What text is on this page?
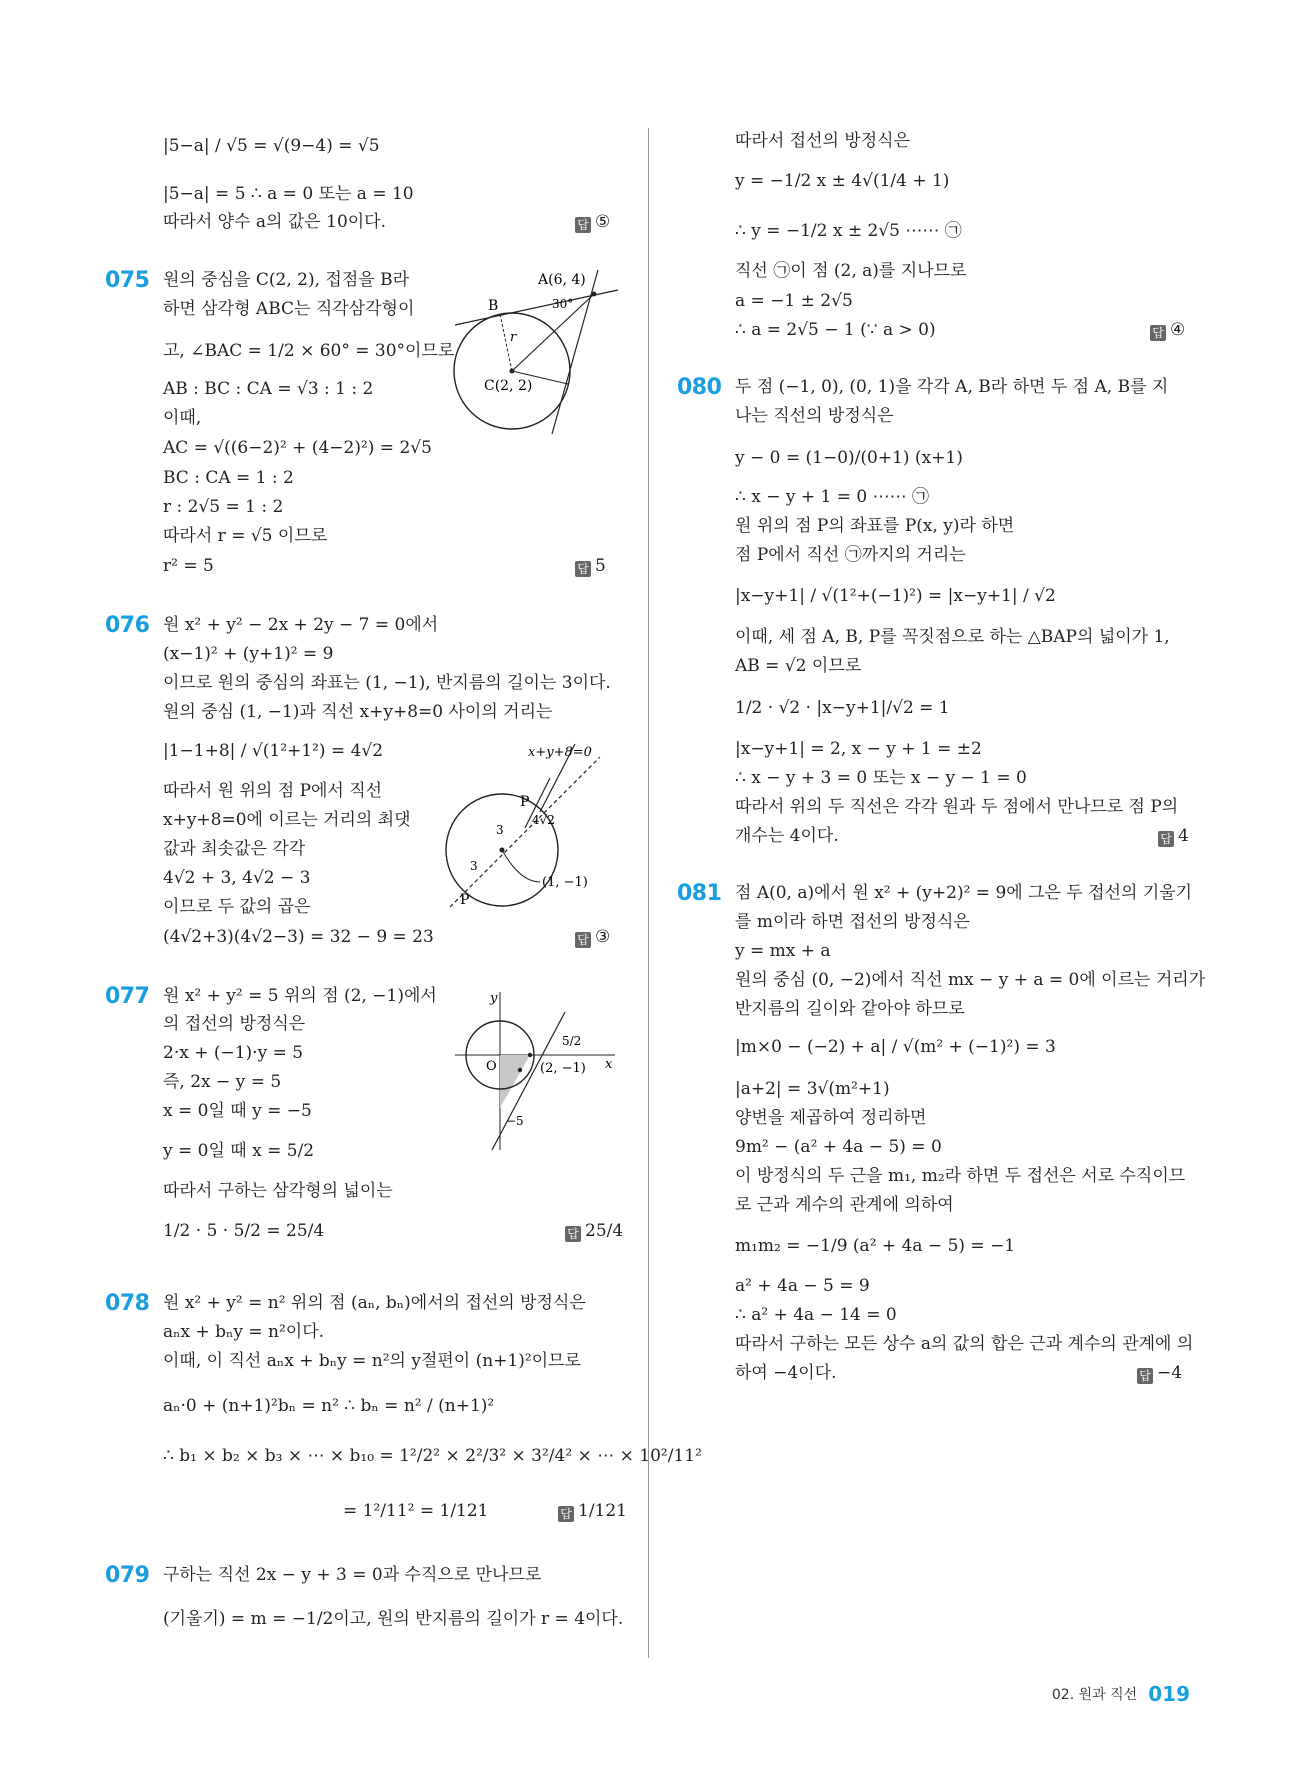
|5−a| / √5 = √(9−4) = √5
|5−a| = 5 ∴ a = 0 또는 a = 10
따라서 양수 a의 값은 10이다.	답 ⑤
075 원의 중심을 C(2, 2), 접점을 B라
하면 삼각형 ABC는 직각삼각형이
고, ∠BAC = 1/2 × 60° = 30°이므로
AB : BC : CA = √3 : 1 : 2
이때,
AC = √((6−2)² + (4−2)²) = 2√5
BC : CA = 1 : 2
r : 2√5 = 1 : 2
따라서 r = √5 이므로
r² = 5	답 5
A(6, 4)
B
r
30°
C(2, 2)
076 원 x² + y² − 2x + 2y − 7 = 0에서
(x−1)² + (y+1)² = 9
이므로 원의 중심의 좌표는 (1, −1), 반지름의 길이는 3이다.
원의 중심 (1, −1)과 직선 x+y+8=0 사이의 거리는
|1−1+8| / √(1²+1²) = 4√2
따라서 원 위의 점 P에서 직선
x+y+8=0에 이르는 거리의 최댓
값과 최솟값은 각각
4√2 + 3, 4√2 − 3
이므로 두 값의 곱은
(4√2+3)(4√2−3) = 32 − 9 = 23	답 ③
x+y+8=0
P
4√2
3
3
P
(1, −1)
077 원 x² + y² = 5 위의 점 (2, −1)에서
의 접선의 방정식은
2·x + (−1)·y = 5
즉, 2x − y = 5
x = 0일 때 y = −5
y = 0일 때 x = 5/2
따라서 구하는 삼각형의 넓이는
1/2 · 5 · 5/2 = 25/4	답 25/4
y
x
O
5/2
(2, −1)
−5
078 원 x² + y² = n² 위의 점 (aₙ, bₙ)에서의 접선의 방정식은
aₙx + bₙy = n²이다.
이때, 이 직선 aₙx + bₙy = n²의 y절편이 (n+1)²이므로
aₙ·0 + (n+1)²bₙ = n² ∴ bₙ = n² / (n+1)²
∴ b₁ × b₂ × b₃ × ⋯ × b₁₀ = 1²/2² × 2²/3² × 3²/4² × ⋯ × 10²/11²
= 1²/11² = 1/121	답 1/121
079 구하는 직선 2x − y + 3 = 0과 수직으로 만나므로
(기울기) = m = −1/2이고, 원의 반지름의 길이가 r = 4이다.
따라서 접선의 방정식은
y = −1/2 x ± 4√(1/4 + 1)
∴ y = −1/2 x ± 2√5 ⋯⋯ ㉠
직선 ㉠이 점 (2, a)를 지나므로
a = −1 ± 2√5
∴ a = 2√5 − 1 (∵ a > 0)	답 ④
080 두 점 (−1, 0), (0, 1)을 각각 A, B라 하면 두 점 A, B를 지
나는 직선의 방정식은
y − 0 = (1−0)/(0+1) (x+1)
∴ x − y + 1 = 0 ⋯⋯ ㉠
원 위의 점 P의 좌표를 P(x, y)라 하면
점 P에서 직선 ㉠까지의 거리는
|x−y+1| / √(1²+(−1)²) = |x−y+1| / √2
이때, 세 점 A, B, P를 꼭짓점으로 하는 △BAP의 넓이가 1,
AB = √2 이므로
1/2 · √2 · |x−y+1|/√2 = 1
|x−y+1| = 2, x − y + 1 = ±2
∴ x − y + 3 = 0 또는 x − y − 1 = 0
따라서 위의 두 직선은 각각 원과 두 점에서 만나므로 점 P의
개수는 4이다.	답 4
081 점 A(0, a)에서 원 x² + (y+2)² = 9에 그은 두 접선의 기울기
를 m이라 하면 접선의 방정식은
y = mx + a
원의 중심 (0, −2)에서 직선 mx − y + a = 0에 이르는 거리가
반지름의 길이와 같아야 하므로
|m×0 − (−2) + a| / √(m² + (−1)²) = 3
|a+2| = 3√(m²+1)
양변을 제곱하여 정리하면
9m² − (a² + 4a − 5) = 0
이 방정식의 두 근을 m₁, m₂라 하면 두 접선은 서로 수직이므
로 근과 계수의 관계에 의하여
m₁m₂ = −1/9 (a² + 4a − 5) = −1
a² + 4a − 5 = 9
∴ a² + 4a − 14 = 0
따라서 구하는 모든 상수 a의 값의 합은 근과 계수의 관계에 의
하여 −4이다.	답 −4
02. 원과 직선 019
